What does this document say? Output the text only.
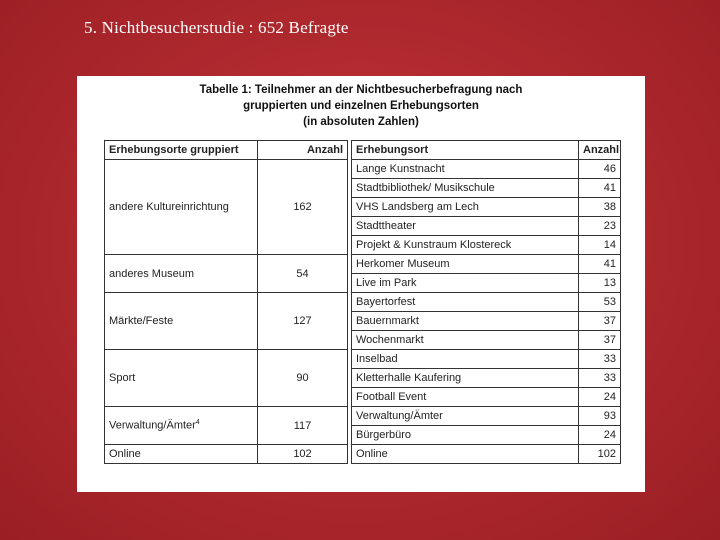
5. Nichtbesucherstudie : 652 Befragte
Tabelle 1: Teilnehmer an der Nichtbesucherbefragung nach
gruppierten und einzelnen Erhebungsorten
(in absoluten Zahlen)
Erhebungsorte gruppiert	Anzahl		Erhebungsort	Anzahl
andere Kultureinrichtung	162		Lange Kunstnacht	46
			Stadtbibliothek/ Musikschule	41
			VHS Landsberg am Lech	38
			Stadttheater	23
			Projekt & Kunstraum Klostereck	14
anderes Museum	54		Herkomer Museum	41
			Live im Park	13
Märkte/Feste	127		Bayertorfest	53
			Bauernmarkt	37
			Wochenmarkt	37
Sport	90		Inselbad	33
			Kletterhalle Kaufering	33
			Football Event	24
Verwaltung/Ämter$^4$	117		Verwaltung/Ämter	93
			Bürgerbüro	24
Online	102		Online	102
